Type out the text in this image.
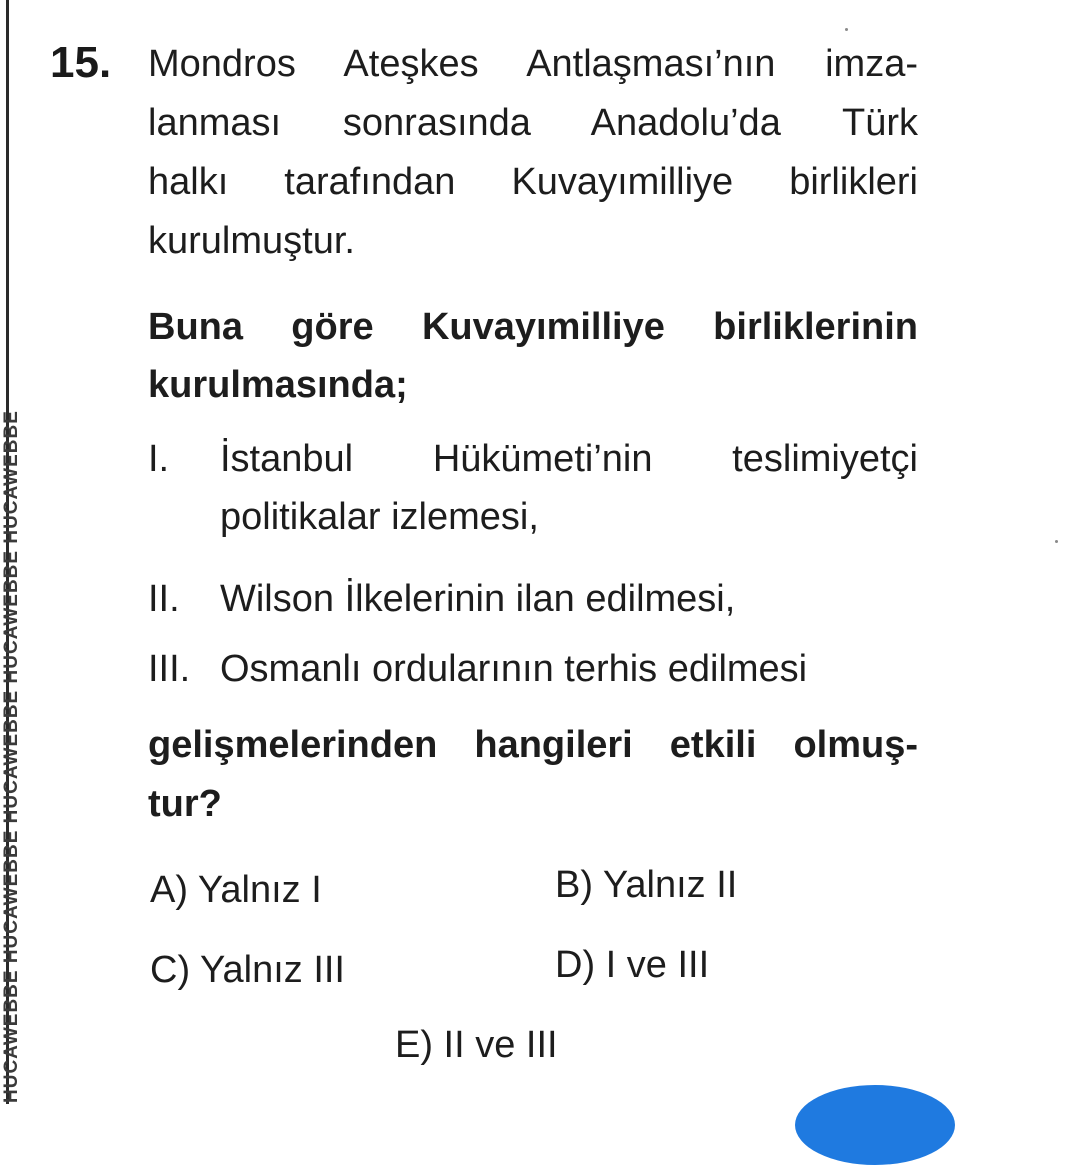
HUCAWEBBE HUCAWEBBE HUCAWEBBE HUCAWEBBE HUCAWEBBE
15. Mondros Ateşkes Antlaşması’nın imza-
lanması sonrasında Anadolu’da Türk
halkı tarafından Kuvayımilliye birlikleri
kurulmuştur.
Buna göre Kuvayımilliye birliklerinin
kurulmasında;
I. İstanbul Hükümeti’nin teslimiyetçi
politikalar izlemesi,
II. Wilson İlkelerinin ilan edilmesi,
III. Osmanlı ordularının terhis edilmesi
gelişmelerinden hangileri etkili olmuş-
tur?
A) Yalnız I	B) Yalnız II
C) Yalnız III	D) I ve III
E) II ve III
